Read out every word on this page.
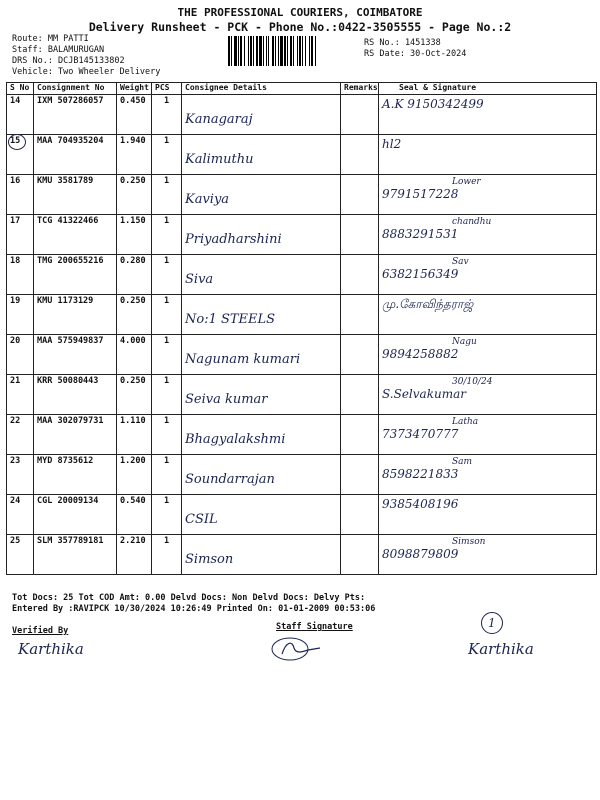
THE PROFESSIONAL COURIERS, COIMBATORE
Delivery Runsheet - PCK - Phone No.:0422-3505555 - Page No.:2
Route: MM PATTI
Staff: BALAMURUGAN
DRS No.: DCJB145133802
Vehicle: Two Wheeler Delivery
RS No.: 1451338
RS Date: 30-Oct-2024
S No	Consignment No	Weight	PCS	Consignee Details	Remarks	Seal & Signature
14	IXM 507286057	0.450	1	Kanagaraj		A.K 9150342499

15	MAA 704935204	1.940	1	Kalimuthu		hl2

16	KMU 3581789	0.250	1	Kaviya		Lower
9791517228

17	TCG 41322466	1.150	1	Priyadharshini		chandhu
8883291531

18	TMG 200655216	0.280	1	Siva		Sav
6382156349

19	KMU 1173129	0.250	1	No:1 STEELS		மு.கோவிந்தராஜ்

20	MAA 575949837	4.000	1	Nagunam kumari		Nagu
9894258882

21	KRR 50080443	0.250	1	Seiva kumar		30/10/24
S.Selvakumar

22	MAA 302079731	1.110	1	Bhagyalakshmi		Latha
7373470777

23	MYD 8735612	1.200	1	Soundarrajan		Sam
8598221833

24	CGL 20009134	0.540	1	CSIL		9385408196

25	SLM 357789181	2.210	1	Simson		Simson
8098879809
Tot Docs: 25 Tot COD Amt: 0.00 Delvd Docs: Non Delvd Docs: Delvy Pts:
Entered By :RAVIPCK 10/30/2024 10:26:49 Printed On: 01-01-2009 00:53:06
Verified By	Staff Signature
Karthika
1
Karthika
